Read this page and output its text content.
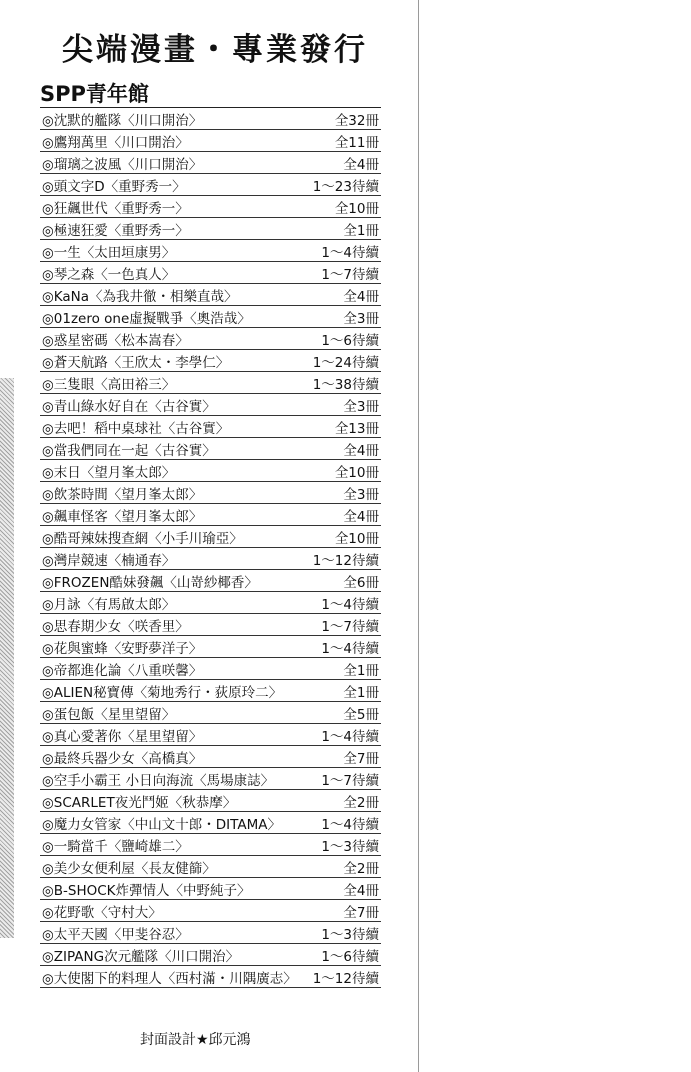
尖端漫畫・專業發行
SPP青年館
◎沈默的艦隊〈川口開治〉	全32冊
◎鷹翔萬里〈川口開治〉	全11冊
◎瑠璃之波風〈川口開治〉	全4冊
◎頭文字D〈重野秀一〉	1～23待續
◎狂飆世代〈重野秀一〉	全10冊
◎極速狂愛〈重野秀一〉	全1冊
◎一生〈太田垣康男〉	1～4待續
◎琴之森〈一色真人〉	1～7待續
◎KaNa〈為我井徹・相樂直哉〉	全4冊
◎01zero one虛擬戰爭〈奧浩哉〉	全3冊
◎惑星密碼〈松本嵩春〉	1～6待續
◎蒼天航路〈王欣太・李學仁〉	1～24待續
◎三隻眼〈高田裕三〉	1～38待續
◎青山綠水好自在〈古谷實〉	全3冊
◎去吧！稻中桌球社〈古谷實〉	全13冊
◎當我們同在一起〈古谷實〉	全4冊
◎末日〈望月峯太郎〉	全10冊
◎飲茶時間〈望月峯太郎〉	全3冊
◎飆車怪客〈望月峯太郎〉	全4冊
◎酷哥辣妹搜查網〈小手川瑜亞〉	全10冊
◎灣岸競速〈楠通春〉	1～12待續
◎FROZEN酷妹發飆〈山嵜紗椰香〉	全6冊
◎月詠〈有馬啟太郎〉	1～4待續
◎思春期少女〈咲香里〉	1～7待續
◎花與蜜蜂〈安野夢洋子〉	1～4待續
◎帝都進化論〈八重咲馨〉	全1冊
◎ALIEN秘寶傳〈菊地秀行・荻原玲二〉	全1冊
◎蛋包飯〈星里望留〉	全5冊
◎真心愛著你〈星里望留〉	1～4待續
◎最終兵器少女〈高橋真〉	全7冊
◎空手小霸王 小日向海流〈馬場康誌〉	1～7待續
◎SCARLET夜光鬥姬〈秋恭摩〉	全2冊
◎魔力女管家〈中山文十郎・DITAMA〉	1～4待續
◎一騎當千〈鹽崎雄二〉	1～3待續
◎美少女便利屋〈長友健篩〉	全2冊
◎B-SHOCK炸彈情人〈中野純子〉	全4冊
◎花野歌〈守村大〉	全7冊
◎太平天國〈甲斐谷忍〉	1～3待續
◎ZIPANG次元艦隊〈川口開治〉	1～6待續
◎大使閣下的料理人〈西村滿・川隅廣志〉 1～12待續
封面設計★邱元鴻
